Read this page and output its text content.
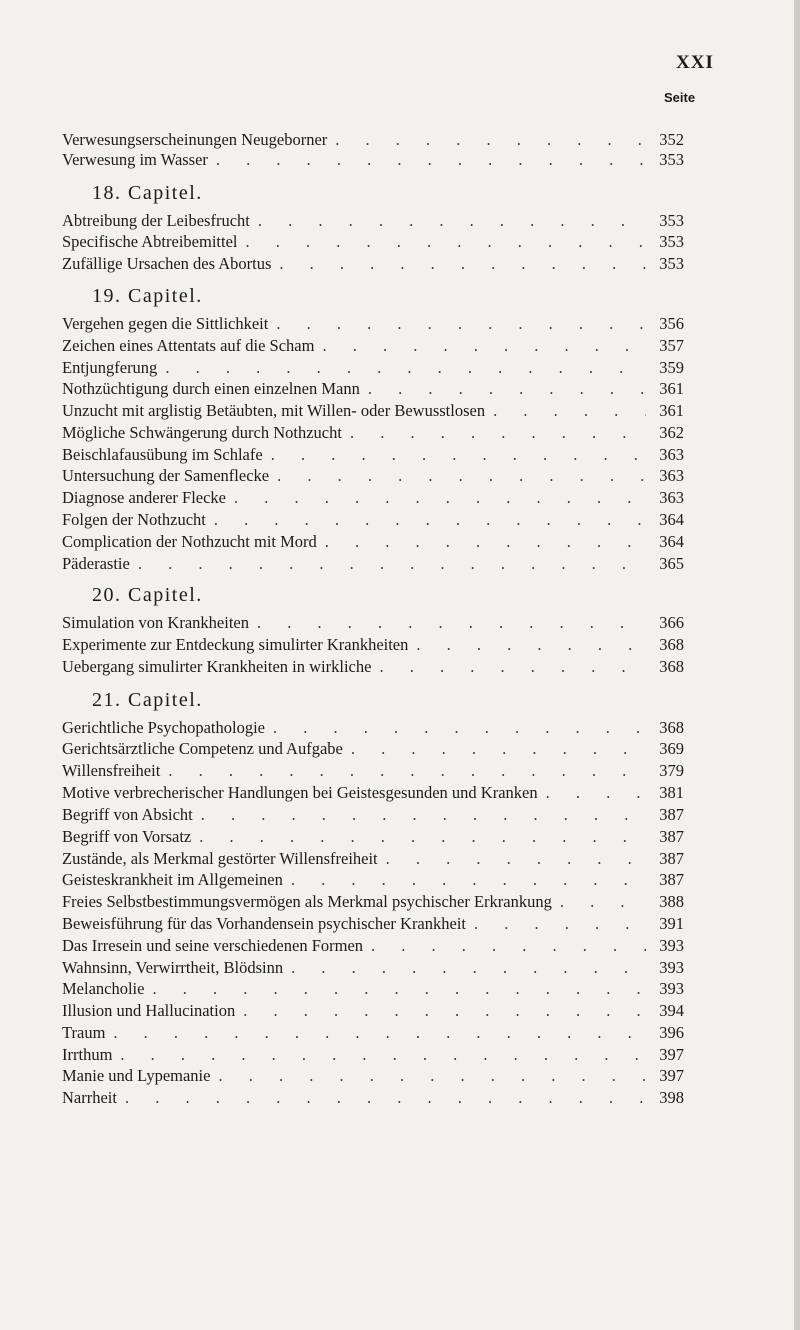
XXI
Seite
Verwesungserscheinungen Neugeborner . . .	352
Verwesung im Wasser . . .	353
18. Capitel.
Abtreibung der Leibesfrucht . . .	353
Specifische Abtreibemittel . . .	353
Zufällige Ursachen des Abortus . . .	353
19. Capitel.
Vergehen gegen die Sittlichkeit . . .	356
Zeichen eines Attentats auf die Scham . . .	357
Entjungferung . . .	359
Nothzüchtigung durch einen einzelnen Mann . . .	361
Unzucht mit arglistig Betäubten, mit Willen- oder Bewusstlosen . . .	361
Mögliche Schwängerung durch Nothzucht . . .	362
Beischlafausübung im Schlafe . . .	363
Untersuchung der Samenflecke . . .	363
Diagnose anderer Flecke . . .	363
Folgen der Nothzucht . . .	364
Complication der Nothzucht mit Mord . . .	364
Päderastie . . .	365
20. Capitel.
Simulation von Krankheiten . . .	366
Experimente zur Entdeckung simulirter Krankheiten . . .	368
Uebergang simulirter Krankheiten in wirkliche . . .	368
21. Capitel.
Gerichtliche Psychopathologie . . .	368
Gerichtsärztliche Competenz und Aufgabe . . .	369
Willensfreiheit . . .	379
Motive verbrecherischer Handlungen bei Geistesgesunden und Kranken . . .	381
Begriff von Absicht . . .	387
Begriff von Vorsatz . . .	387
Zustände, als Merkmal gestörter Willensfreiheit . . .	387
Geisteskrankheit im Allgemeinen . . .	387
Freies Selbstbestimmungsvermögen als Merkmal psychischer Erkrankung . . .	388
Beweisführung für das Vorhandensein psychischer Krankheit . . .	391
Das Irresein und seine verschiedenen Formen . . .	393
Wahnsinn, Verwirrtheit, Blödsinn . . .	393
Melancholie . . .	393
Illusion und Hallucination . . .	394
Traum . . .	396
Irrthum . . .	397
Manie und Lypemanie . . .	397
Narrheit . . .	398
